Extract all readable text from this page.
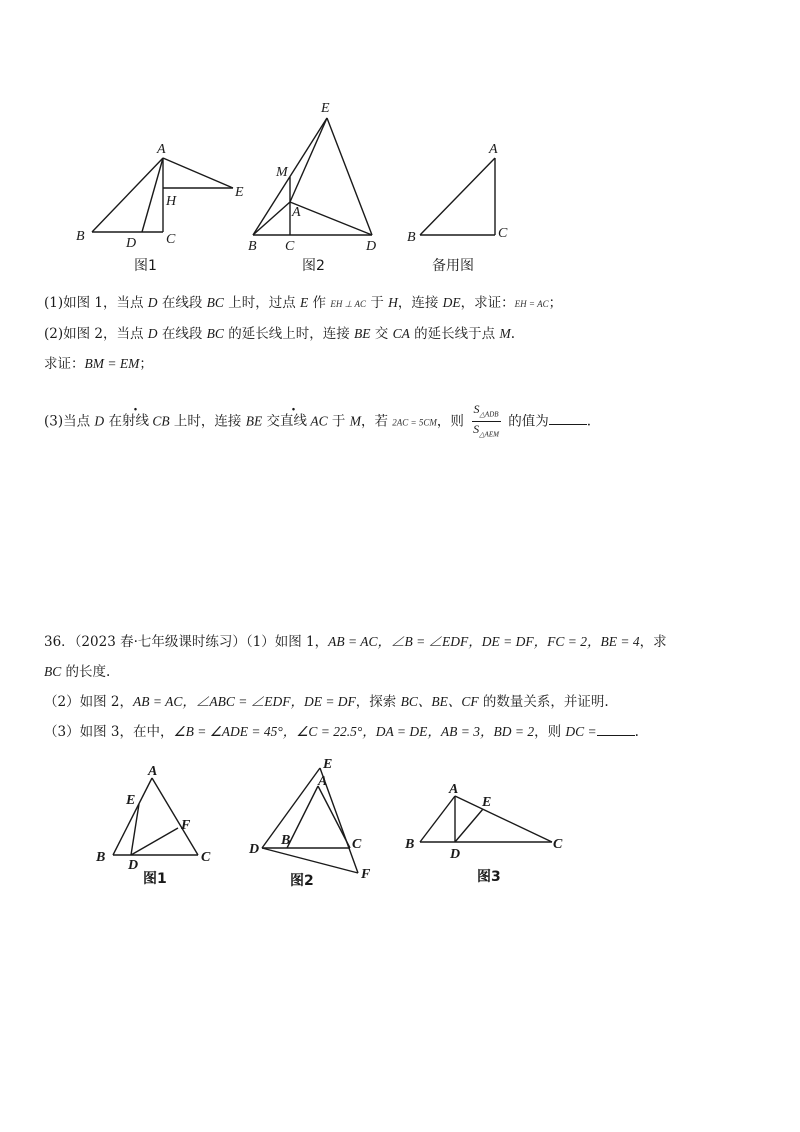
A
H
E
B	D C
图1
E
M
A
B C	D
图2
A
B	C
备用图
(1)如图 1，当点 D 在线段 BC 上时，过点 E 作 EH ⊥ AC 于 H，连接 DE，求证：EH = AC；
(2)如图 2，当点 D 在线段 BC 的延长线上时，连接 BE 交 CA 的延长线于点 M.
求证：BM = EM；
(3)当点 D 在射线 CB 上时，连接 BE 交直线 AC 于 M，若 2AC = 5CM，则 $\frac{S_{\triangle ADB}}{S_{\triangle AEM}}$ 的值为	.
36．（2023 春·七年级课时练习）（1）如图 1，AB = AC，∠B = ∠EDF，DE = DF，FC = 2，BE = 4，求
BC 的长度.
（2）如图 2，AB = AC，∠ABC = ∠EDF，DE = DF，探索 BC、BE、CF 的数量关系，并证明.
（3）如图 3，在中，∠B = ∠ADE = 45°，∠C = 22.5°，DA = DE，AB = 3，BD = 2，则 DC =	.
A
E
F
B
D
C
图1
E
A
D
B	C
F
图2
A
E
B
D
C
图3
